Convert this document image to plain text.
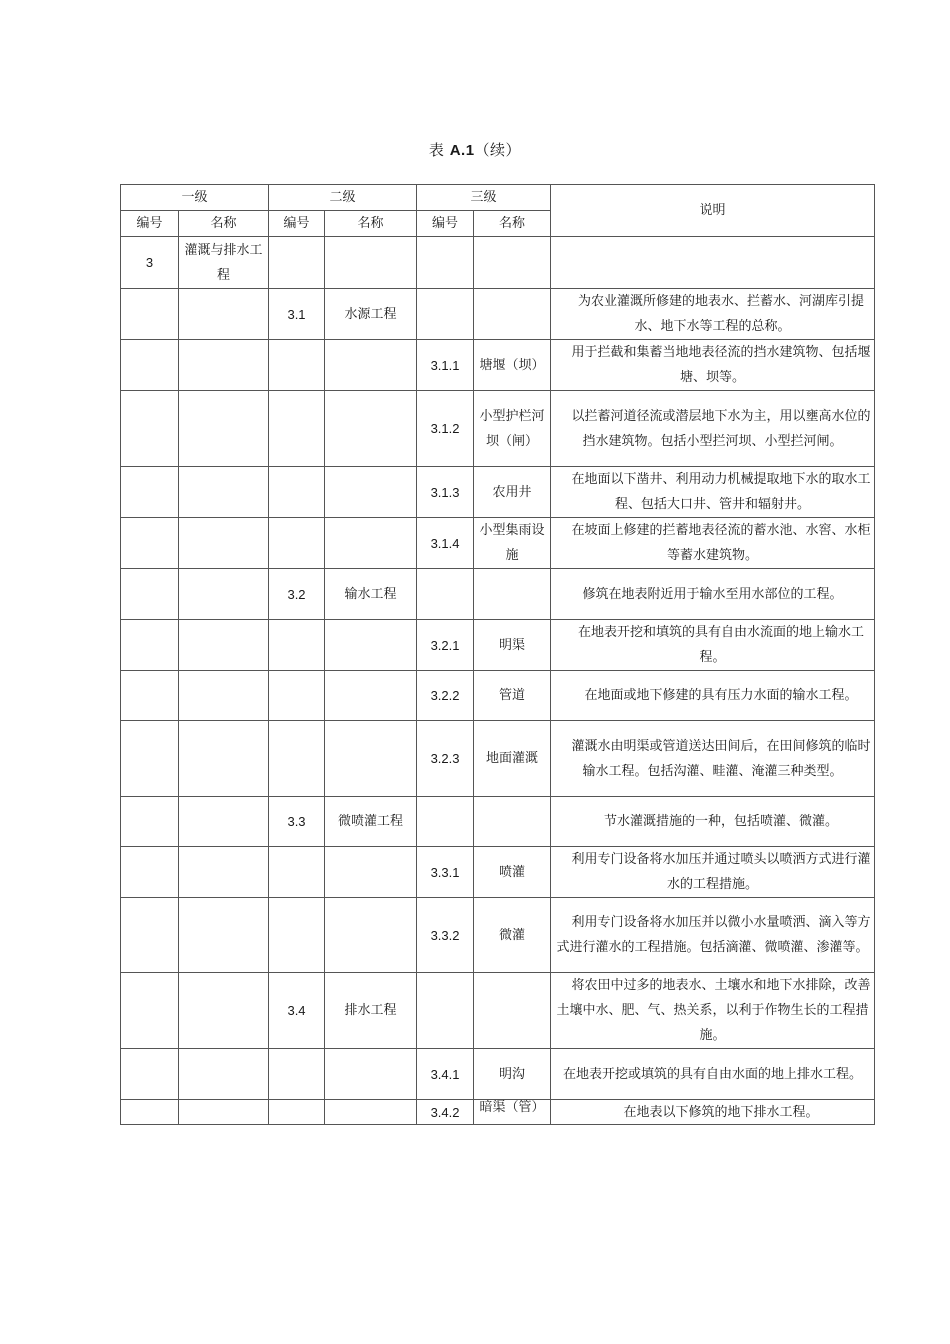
表 A.1（续）
一级		二级		三级		说明
编号	名称	编号	名称	编号	名称	
3	灌溉与排水工程					
		3.1	水源工程			为农业灌溉所修建的地表水、拦蓄水、河湖库引提水、地下水等工程的总称。
				3.1.1	塘堰（坝）	用于拦截和集蓄当地地表径流的挡水建筑物、包括堰塘、坝等。
				3.1.2	小型护栏河坝（闸）	以拦蓄河道径流或潜层地下水为主，用以壅高水位的挡水建筑物。包括小型拦河坝、小型拦河闸。
				3.1.3	农用井	在地面以下凿井、利用动力机械提取地下水的取水工程、包括大口井、管井和辐射井。
				3.1.4	小型集雨设施	在坡面上修建的拦蓄地表径流的蓄水池、水窖、水柜等蓄水建筑物。
		3.2	输水工程			修筑在地表附近用于输水至用水部位的工程。
				3.2.1	明渠	在地表开挖和填筑的具有自由水流面的地上输水工程。
				3.2.2	管道	在地面或地下修建的具有压力水面的输水工程。
				3.2.3	地面灌溉	灌溉水由明渠或管道送达田间后，在田间修筑的临时输水工程。包括沟灌、畦灌、淹灌三种类型。
		3.3	微喷灌工程			节水灌溉措施的一种，包括喷灌、微灌。
				3.3.1	喷灌	利用专门设备将水加压并通过喷头以喷洒方式进行灌水的工程措施。
				3.3.2	微灌	利用专门设备将水加压并以微小水量喷洒、滴入等方式进行灌水的工程措施。包括滴灌、微喷灌、渗灌等。
		3.4	排水工程			将农田中过多的地表水、土壤水和地下水排除，改善土壤中水、肥、气、热关系，以利于作物生长的工程措施。
				3.4.1	明沟	在地表开挖或填筑的具有自由水面的地上排水工程。

				3.4.2	暗渠（管）	在地表以下修筑的地下排水工程。
